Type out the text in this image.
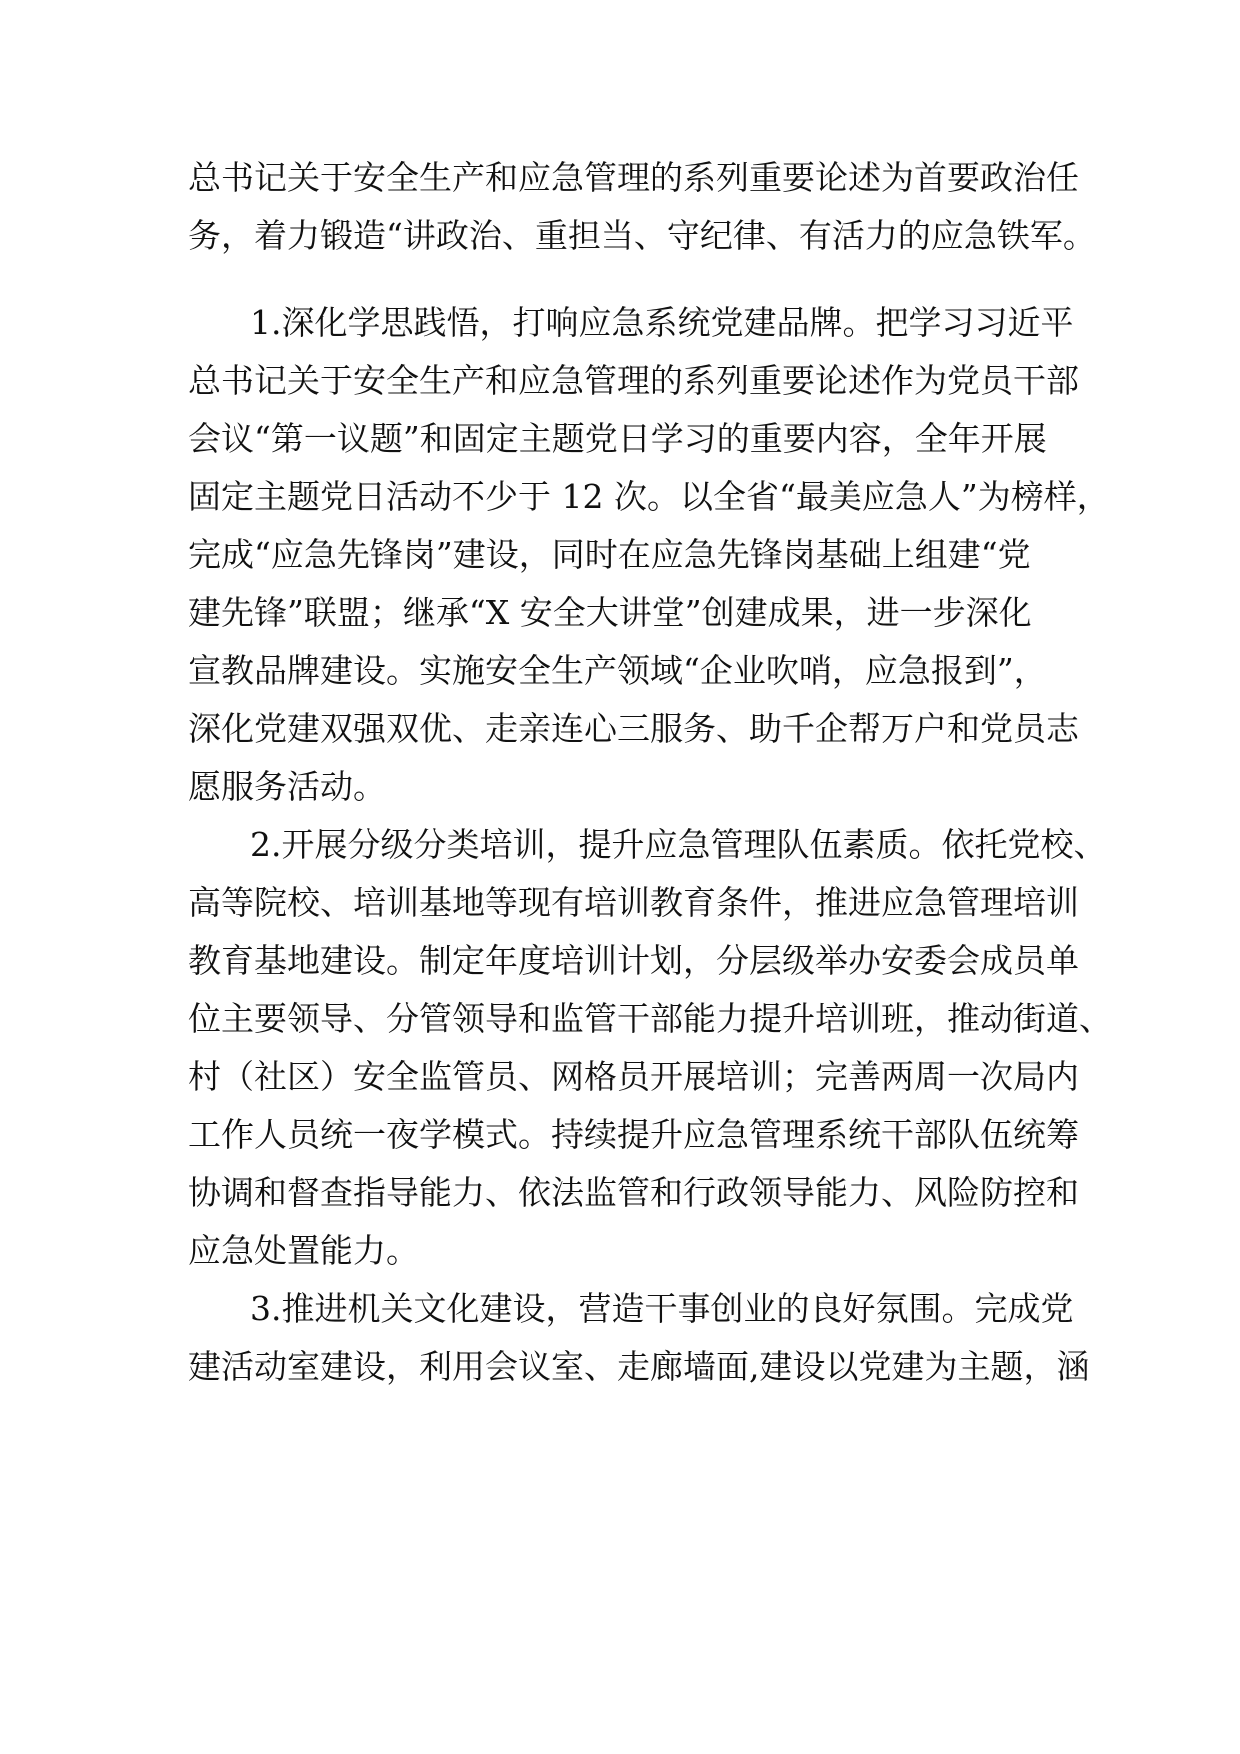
总书记关于安全生产和应急管理的系列重要论述为首要政治任

务，着力锻造“讲政治、重担当、守纪律、有活力的应急铁军。

1.深化学思践悟，打响应急系统党建品牌。把学习习近平

总书记关于安全生产和应急管理的系列重要论述作为党员干部

会议“第一议题”和固定主题党日学习的重要内容，全年开展

固定主题党日活动不少于 12 次。以全省“最美应急人”为榜样，

完成“应急先锋岗”建设，同时在应急先锋岗基础上组建“党

建先锋”联盟；继承“X 安全大讲堂”创建成果，进一步深化

宣教品牌建设。实施安全生产领域“企业吹哨，应急报到”，

深化党建双强双优、走亲连心三服务、助千企帮万户和党员志

愿服务活动。

2.开展分级分类培训，提升应急管理队伍素质。依托党校、

高等院校、培训基地等现有培训教育条件，推进应急管理培训

教育基地建设。制定年度培训计划，分层级举办安委会成员单

位主要领导、分管领导和监管干部能力提升培训班，推动街道、

村（社区）安全监管员、网格员开展培训；完善两周一次局内

工作人员统一夜学模式。持续提升应急管理系统干部队伍统筹

协调和督查指导能力、依法监管和行政领导能力、风险防控和

应急处置能力。

3.推进机关文化建设，营造干事创业的良好氛围。完成党

建活动室建设，利用会议室、走廊墙面,建设以党建为主题，涵
